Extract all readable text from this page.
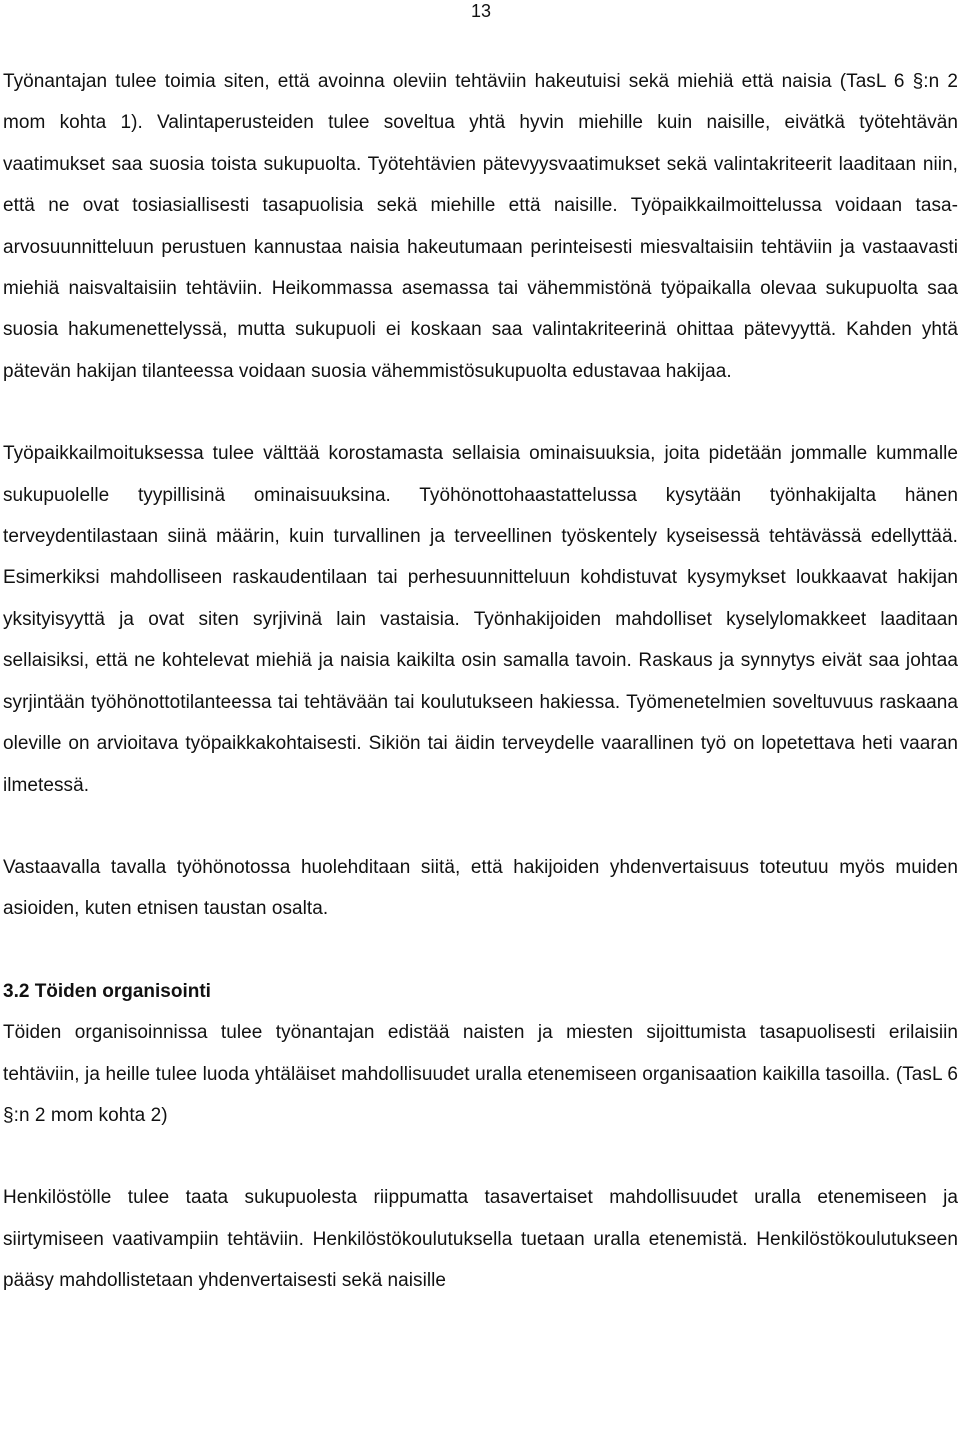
13

Työnantajan tulee toimia siten, että avoinna oleviin tehtäviin hakeutuisi sekä miehiä että naisia (TasL 6 §:n 2 mom kohta 1). Valintaperusteiden tulee soveltua yhtä hyvin miehille kuin naisille, eivätkä työtehtävän vaatimukset saa suosia toista sukupuolta. Työtehtävien pätevyysvaatimukset sekä valintakriteerit laaditaan niin, että ne ovat tosiasiallisesti tasapuolisia sekä miehille että naisille. Työpaikkailmoittelussa voidaan tasa-arvosuunnitteluun perustuen kannustaa naisia hakeutumaan perinteisesti miesvaltaisiin tehtäviin ja vastaavasti miehiä naisvaltaisiin tehtäviin. Heikommassa asemassa tai vähemmistönä työpaikalla olevaa sukupuolta saa suosia hakumenettelyssä, mutta sukupuoli ei koskaan saa valintakriteerinä ohittaa pätevyyttä. Kahden yhtä pätevän hakijan tilanteessa voidaan suosia vähemmistösukupuolta edustavaa hakijaa.

Työpaikkailmoituksessa tulee välttää korostamasta sellaisia ominaisuuksia, joita pidetään jommalle kummalle sukupuolelle tyypillisinä ominaisuuksina. Työhönottohaastattelussa kysytään työnhakijalta hänen terveydentilastaan siinä määrin, kuin turvallinen ja terveellinen työskentely kyseisessä tehtävässä edellyttää. Esimerkiksi mahdolliseen raskaudentilaan tai perhesuunnitteluun kohdistuvat kysymykset loukkaavat hakijan yksityisyyttä ja ovat siten syrjivinä lain vastaisia. Työnhakijoiden mahdolliset kyselylomakkeet laaditaan sellaisiksi, että ne kohtelevat miehiä ja naisia kaikilta osin samalla tavoin. Raskaus ja synnytys eivät saa johtaa syrjintään työhönottotilanteessa tai tehtävään tai koulutukseen hakiessa. Työmenetelmien soveltuvuus raskaana oleville on arvioitava työpaikkakohtaisesti. Sikiön tai äidin terveydelle vaarallinen työ on lopetettava heti vaaran ilmetessä.

Vastaavalla tavalla työhönotossa huolehditaan siitä, että hakijoiden yhdenvertaisuus toteutuu myös muiden asioiden, kuten etnisen taustan osalta.

3.2 Töiden organisointi

Töiden organisoinnissa tulee työnantajan edistää naisten ja miesten sijoittumista tasapuolisesti erilaisiin tehtäviin, ja heille tulee luoda yhtäläiset mahdollisuudet uralla etenemiseen organisaation kaikilla tasoilla. (TasL 6 §:n 2 mom kohta 2)

Henkilöstölle tulee taata sukupuolesta riippumatta tasavertaiset mahdollisuudet uralla etenemiseen ja siirtymiseen vaativampiin tehtäviin. Henkilöstökoulutuksella tuetaan uralla etenemistä. Henkilöstökoulutukseen pääsy mahdollistetaan yhdenvertaisesti sekä naisille
